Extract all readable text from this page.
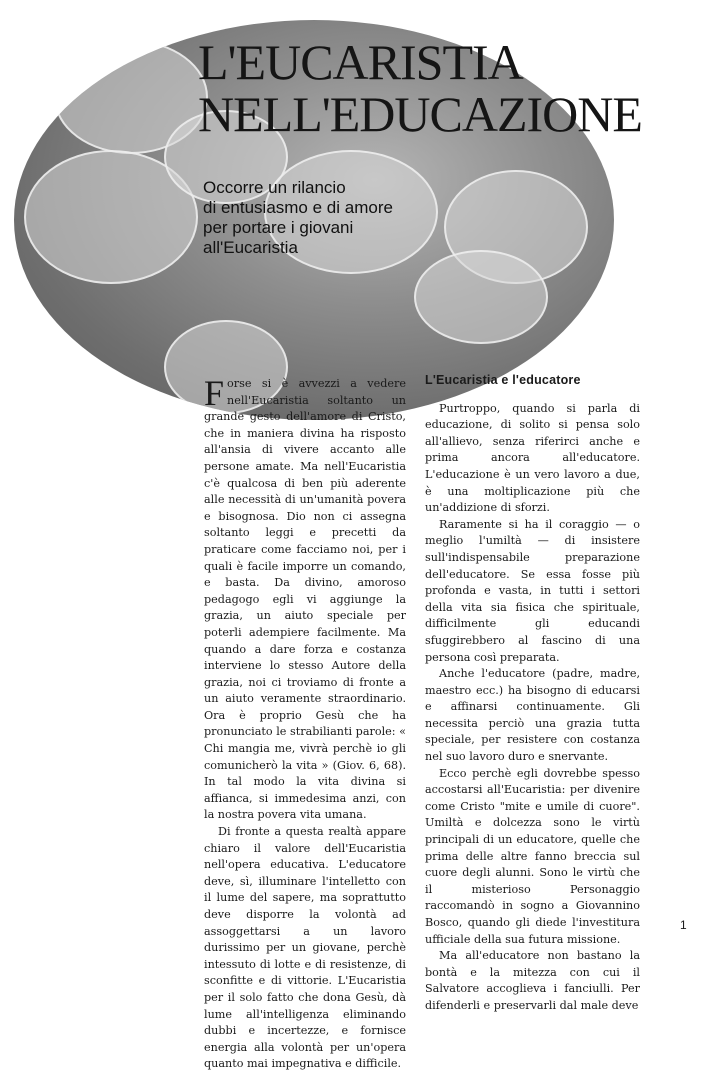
L'EUCARISTIA
NELL'EDUCAZIONE
Occorre un rilancio
di entusiasmo e di amore
per portare i giovani
all'Eucaristia

Forse si è avvezzi a vedere nell'Eucaristia soltanto un grande gesto dell'amore di Cristo, che in maniera divina ha risposto all'ansia di vivere accanto alle persone amate. Ma nell'Eucaristia c'è qualcosa di ben più aderente alle necessità di un'umanità povera e bisognosa. Dio non ci assegna soltanto leggi e precetti da praticare come facciamo noi, per i quali è facile imporre un comando, e basta. Da divino, amoroso pedagogo egli vi aggiunge la grazia, un aiuto speciale per poterli adempiere facilmente. Ma quando a dare forza e costanza interviene lo stesso Autore della grazia, noi ci troviamo di fronte a un aiuto veramente straordinario. Ora è proprio Gesù che ha pronunciato le strabilianti parole: « Chi mangia me, vivrà perchè io gli comunicherò la vita » (Giov. 6, 68). In tal modo la vita divina si affianca, si immedesima anzi, con la nostra povera vita umana.

Di fronte a questa realtà appare chiaro il valore dell'Eucaristia nell'opera educativa. L'educatore deve, sì, illuminare l'intelletto con il lume del sapere, ma soprattutto deve disporre la volontà ad assoggettarsi a un lavoro durissimo per un giovane, perchè intessuto di lotte e di resistenze, di sconfitte e di vittorie. L'Eucaristia per il solo fatto che dona Gesù, dà lume all'intelligenza eliminando dubbi e incertezze, e fornisce energia alla volontà per un'opera quanto mai impegnativa e difficile.

L'Eucaristia e l'educatore

Purtroppo, quando si parla di educazione, di solito si pensa solo all'allievo, senza riferirci anche e prima ancora all'educatore. L'educazione è un vero lavoro a due, è una moltiplicazione più che un'addizione di sforzi.

Raramente si ha il coraggio — o meglio l'umiltà — di insistere sull'indispensabile preparazione dell'educatore. Se essa fosse più profonda e vasta, in tutti i settori della vita sia fisica che spirituale, difficilmente gli educandi sfuggirebbero al fascino di una persona così preparata.

Anche l'educatore (padre, madre, maestro ecc.) ha bisogno di educarsi e affinarsi continuamente. Gli necessita perciò una grazia tutta speciale, per resistere con costanza nel suo lavoro duro e snervante.

Ecco perchè egli dovrebbe spesso accostarsi all'Eucaristia: per divenire come Cristo "mite e umile di cuore". Umiltà e dolcezza sono le virtù principali di un educatore, quelle che prima delle altre fanno breccia sul cuore degli alunni. Sono le virtù che il misterioso Personaggio raccomandò in sogno a Giovannino Bosco, quando gli diede l'investitura ufficiale della sua futura missione.

Ma all'educatore non bastano la bontà e la mitezza con cui il Salvatore accoglieva i fanciulli. Per difenderli e preservarli dal male deve

1
